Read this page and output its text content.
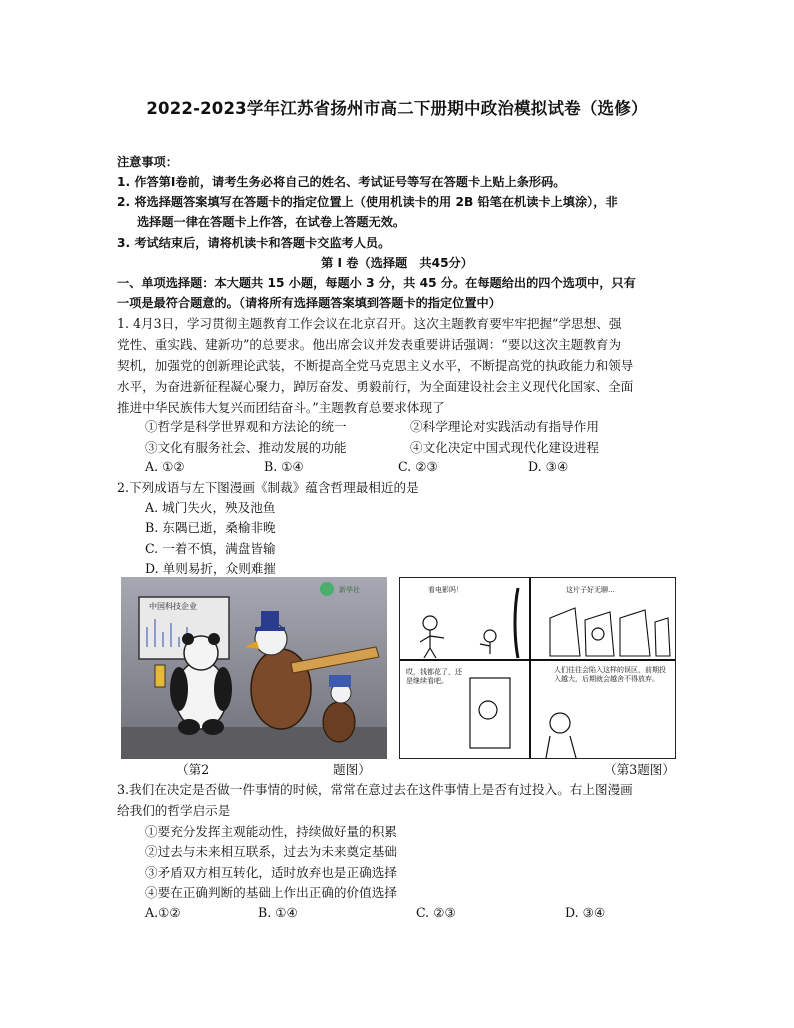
2022-2023学年江苏省扬州市高二下册期中政治模拟试卷（选修）
注意事项：
1. 作答第Ⅰ卷前，请考生务必将自己的姓名、考试证号等写在答题卡上贴上条形码。
2. 将选择题答案填写在答题卡的指定位置上（使用机读卡的用 2B 铅笔在机读卡上填涂），非
选择题一律在答题卡上作答，在试卷上答题无效。
3. 考试结束后，请将机读卡和答题卡交监考人员。
第 Ⅰ 卷（选择题　共45分）
一、单项选择题：本大题共 15 小题，每题小 3 分，共 45 分。在每题给出的四个选项中，只有
一项是最符合题意的。（请将所有选择题答案填到答题卡的指定位置中）
1. 4月3日，学习贯彻主题教育工作会议在北京召开。这次主题教育要牢牢把握“学思想、强
党性、重实践、建新功”的总要求。他出席会议并发表重要讲话强调：“要以这次主题教育为
契机，加强党的创新理论武装，不断提高全党马克思主义水平，不断提高党的执政能力和领导
水平，为奋进新征程凝心聚力，踔厉奋发、勇毅前行，为全面建设社会主义现代化国家、全面
推进中华民族伟大复兴而团结奋斗。”主题教育总要求体现了
①哲学是科学世界观和方法论的统一	②科学理论对实践活动有指导作用
③文化有服务社会、推动发展的功能	④文化决定中国式现代化建设进程
A. ①②	B. ①④	C. ②③	D. ③④
2.下列成语与左下图漫画《制裁》蕴含哲理最相近的是
A. 城门失火，殃及池鱼
B. 东隅已逝，桑榆非晚
C. 一着不慎，满盘皆输
D. 单则易折，众则难摧
新华社
中国科技企业
看电影吗！	这片子好无聊…
哎，钱都花了，还是继续看吧。
人们往往会陷入这样的误区，前期投入越大，后期就会越舍不得放弃。
（第2	题图）	（第3题图）
3.我们在决定是否做一件事情的时候，常常在意过去在这件事情上是否有过投入。右上图漫画
给我们的哲学启示是
①要充分发挥主观能动性，持续做好量的积累
②过去与未来相互联系，过去为未来奠定基础
③矛盾双方相互转化，适时放弃也是正确选择
④要在正确判断的基础上作出正确的价值选择
A.①②	B. ①④	C. ②③	D. ③④
